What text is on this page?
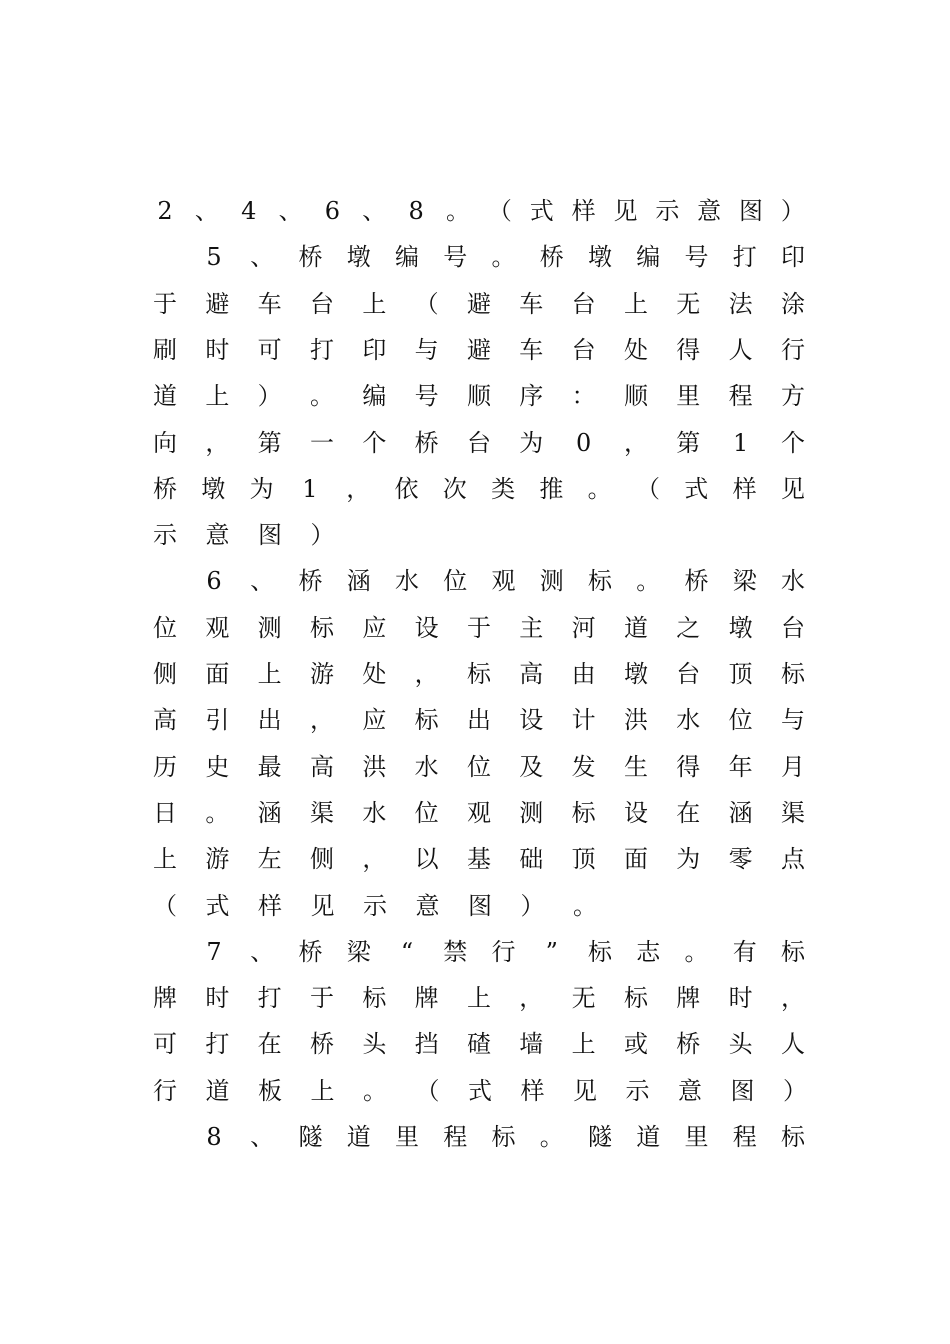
2 、 4 、 6 、 8 。 （ 式 样 见 示 意 图 ）
5 、 桥 墩 编 号 。 桥 墩 编 号 打 印
于 避 车 台 上 （ 避 车 台 上 无 法 涂
刷 时 可 打 印 与 避 车 台 处 得 人 行
道 上 ） 。 编 号 顺 序 ： 顺 里 程 方
向 ， 第 一 个 桥 台 为 0 ， 第 1 个
桥 墩 为 1 ， 依 次 类 推 。 （ 式 样 见
示 意 图 ）
6 、 桥 涵 水 位 观 测 标 。 桥 梁 水
位 观 测 标 应 设 于 主 河 道 之 墩 台
侧 面 上 游 处 ， 标 高 由 墩 台 顶 标
高 引 出 ， 应 标 出 设 计 洪 水 位 与
历 史 最 高 洪 水 位 及 发 生 得 年 月
日 。 涵 渠 水 位 观 测 标 设 在 涵 渠
上 游 左 侧 ， 以 基 础 顶 面 为 零 点
（ 式 样 见 示 意 图 ） 。
7 、 桥 梁 “ 禁 行 ” 标 志 。 有 标
牌 时 打 于 标 牌 上 ， 无 标 牌 时 ，
可 打 在 桥 头 挡 碴 墙 上 或 桥 头 人
行 道 板 上 。 （ 式 样 见 示 意 图 ）
8 、 隧 道 里 程 标 。 隧 道 里 程 标
